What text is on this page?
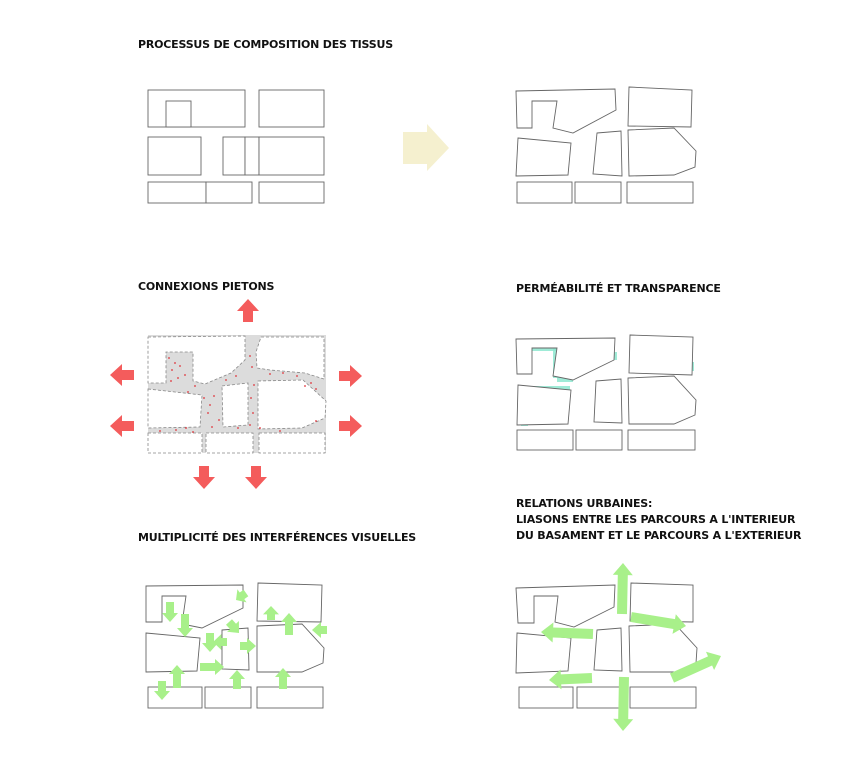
PROCESSUS DE COMPOSITION DES TISSUS
CONNEXIONS PIETONS	PERMÉABILITÉ ET TRANSPARENCE
MULTIPLICITÉ DES INTERFÉRENCES VISUELLES
RELATIONS URBAINES:
LIASONS ENTRE LES PARCOURS A L'INTERIEUR
DU BASAMENT ET LE PARCOURS A L'EXTERIEUR
